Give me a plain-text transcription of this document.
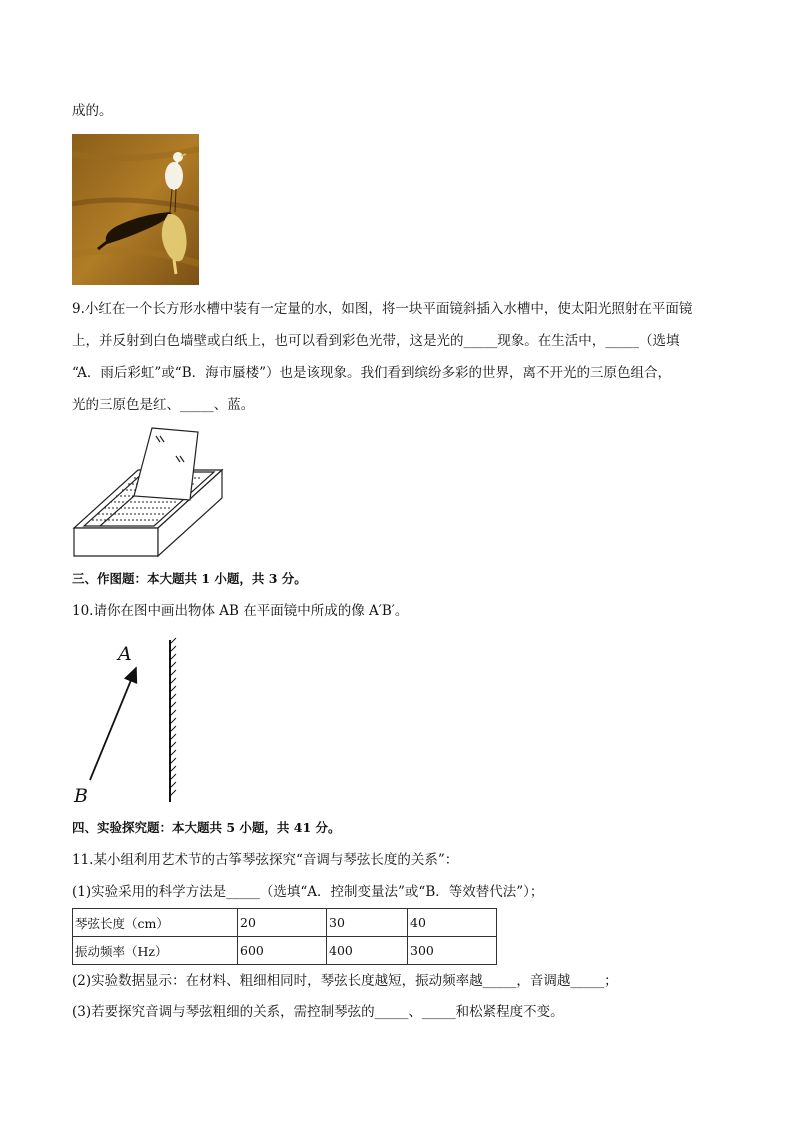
成的。
9.小红在一个长方形水槽中装有一定量的水，如图，将一块平面镜斜插入水槽中，使太阳光照射在平面镜
上，并反射到白色墙壁或白纸上，也可以看到彩色光带，这是光的_____现象。在生活中，_____（选填
“A．雨后彩虹”或“B．海市蜃楼”）也是该现象。我们看到缤纷多彩的世界，离不开光的三原色组合，
光的三原色是红、_____、蓝。
三、作图题：本大题共 1 小题，共 3 分。
10.请你在图中画出物体 AB 在平面镜中所成的像 A′B′。
A
B
四、实验探究题：本大题共 5 小题，共 41 分。
11.某小组利用艺术节的古筝琴弦探究“音调与琴弦长度的关系”：
(1)实验采用的科学方法是_____（选填“A．控制变量法”或“B．等效替代法”）；
琴弦长度（cm）	20	30	40
振动频率（Hz）	600	400	300
(2)实验数据显示：在材料、粗细相同时，琴弦长度越短，振动频率越_____，音调越_____；
(3)若要探究音调与琴弦粗细的关系，需控制琴弦的_____、_____和松紧程度不变。
